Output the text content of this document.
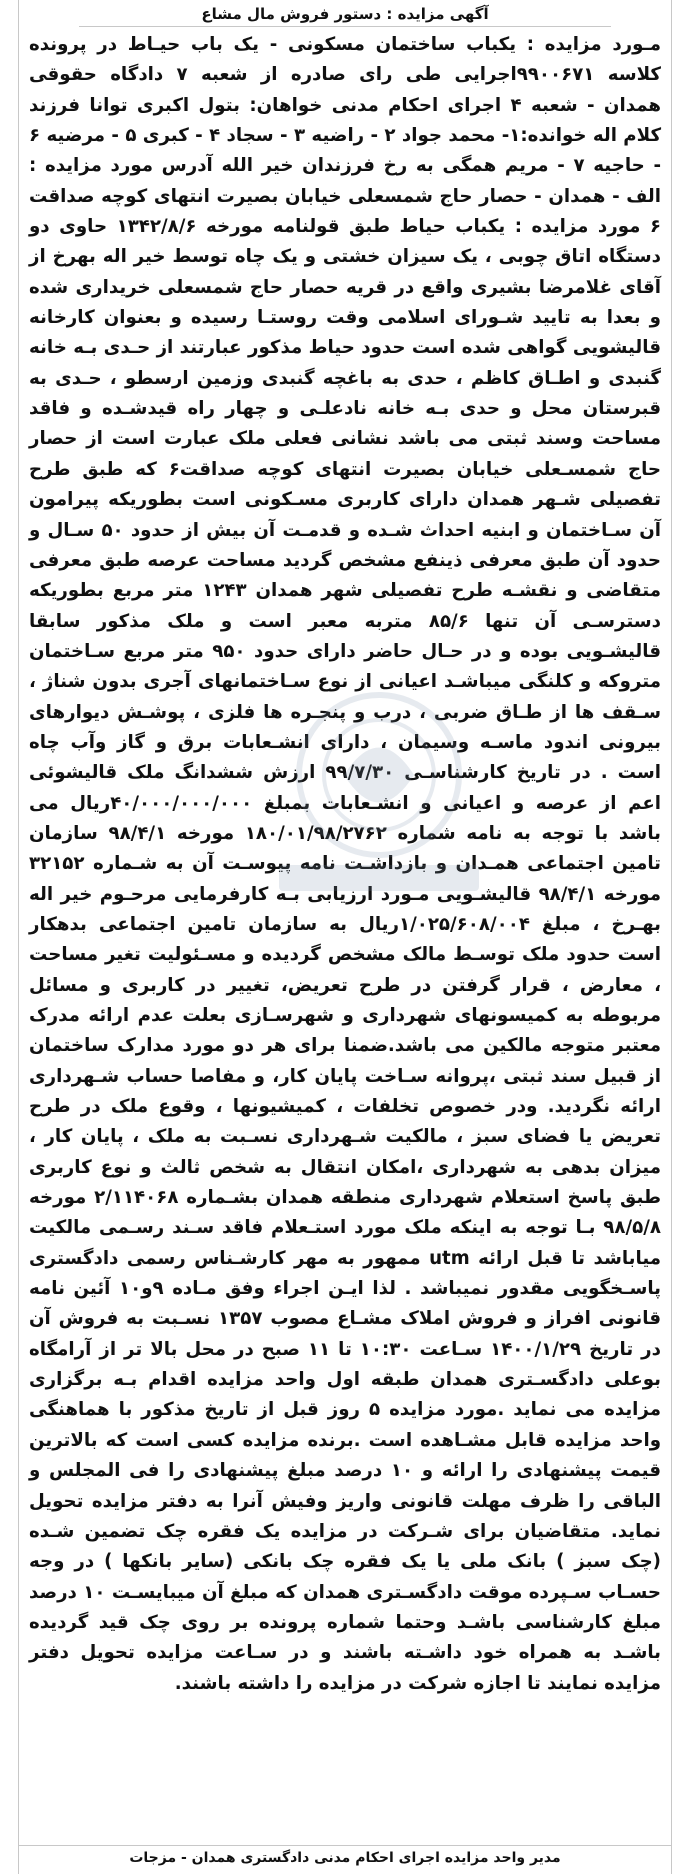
آگهی مزایده : دستور فروش مال مشاع
مـورد مزایده : یکباب ساختمان مسکونی - یک باب حیـاط در پرونده کلاسه ۹۹۰۰۶۷۱اجرایی طی رای صادره از شعبه ۷ دادگاه حقوقی همدان - شعبه ۴ اجرای احکام مدنی خواهان: بتول اکبری توانا فرزند کلام اله خوانده:۱- محمد جواد ۲ - راضیه ۳ - سجاد ۴ - کبری ۵ - مرضیه ۶ - حاجیه ۷ - مریم همگی به رخ فرزندان خیر الله آدرس مورد مزایده : الف - همدان - حصار حاج شمسعلی خیابان بصیرت انتهای کوچه صداقت ۶ مورد مزایده : یکباب حیاط طبق قولنامه مورخه ۱۳۴۲/۸/۶ حاوی دو دستگاه اتاق چوبی ، یک سیزان خشتی و یک چاه توسط خیر اله بهرخ از آقای غلامرضا بشیری واقع در قریه حصار حاج شمسعلی خریداری شده و بعدا به تایید شـورای اسلامی وقت روستـا رسیده و بعنوان کارخانه قالیشویی گواهی شده است حدود حیاط مذکور عبارتند از حـدی بـه خانه گنبدی و اطـاق کاظم ، حدی به باغچه گنبدی وزمین ارسطو ، حـدی به قبرستان محل و حدی بـه خانه نادعلـی و چهار راه قیدشـده و فاقد مساحت وسند ثبتی می باشد نشانی فعلی ملک عبارت است از حصار حاج شمسـعلی خیابان بصیرت انتهای کوچه صداقت۶ که طبق طرح تفصیلی شـهر همدان دارای کاربری مسـکونی است بطوریکه پیرامون آن سـاختمان و ابنیه احداث شـده و قدمـت آن بیش از حدود ۵۰ سـال و حدود آن طبق معرفی ذینفع مشخص گردید مساحت عرصه طبق معرفی متقاضی و نقشـه طرح تفصیلی شهر همدان ۱۲۴۳ متر مربع بطوریکه دسترسـی آن تنها ۸۵/۶ متربه معبر است و ملک مذکور سابقا قالیشـویی بوده و در حـال حاضر دارای حدود ۹۵۰ متر مربع سـاختمان متروکه و کلنگی میباشـد اعیانی از نوع سـاختمانهای آجری بدون شناژ ، سـقف ها از طـاق ضربی ، درب و پنجـره ها فلزی ، پوشـش دیوارهای بیرونی اندود ماسـه وسیمان ، دارای انشـعابات برق و گاز وآب چاه است . در تاریخ کارشناسـی ۹۹/۷/۳۰ ارزش ششدانگ ملک قالیشوئی اعم از عرصه و اعیانی و انشـعابات بمبلغ ۴۰/۰۰۰/۰۰۰/۰۰۰ریال می باشد با توجه به نامه شماره ۱۸۰/۰۱/۹۸/۲۷۶۲ مورخه ۹۸/۴/۱ سازمان تامین اجتماعی همـدان و بازداشـت نامه پیوسـت آن به شـماره ۳۲۱۵۲ مورخه ۹۸/۴/۱ قالیشـویی مـورد ارزیابی بـه کارفرمایی مرحـوم خیر اله بهـرخ ، مبلغ ۱/۰۲۵/۶۰۸/۰۰۴ریال به سازمان تامین اجتماعی بدهکار است حدود ملک توسـط مالک مشخص گردیده و مسـئولیت تغیر مساحت ، معارض ، قرار گرفتن در طرح تعریض، تغییر در کاربری و مسائل مربوطه به کمیسونهای شهرداری و شهرسـازی بعلت عدم ارائه مدرک معتبر متوجه مالکین می باشد.ضمنا برای هر دو مورد مدارک ساختمان از قبیل سند ثبتی ،پروانه سـاخت پایان کار، و مفاصا حساب شـهرداری ارائه نگردید. ودر خصوص تخلفات ، کمیشیونها ، وقوع ملک در طرح تعریض یا فضای سبز ، مالکیت شـهرداری نسـبت به ملک ، پایان کار ، میزان بدهی به شهرداری ،امکان انتقال به شخص ثالث و نوع کاربری طبق پاسخ استعلام شهرداری منطقه همدان بشـماره ۲/۱۱۴۰۶۸ مورخه ۹۸/۵/۸ بـا توجه به اینکه ملک مورد استـعلام فاقد سـند رسـمی مالکیت میاباشد تا قبل ارائه utm ممهور به مهر کارشـناس رسمی دادگستری پاسـخگویی مقدور نمیباشد . لذا ایـن اجراء وفق مـاده ۹و۱۰ آئین نامه قانونی افراز و فروش املاک مشـاع مصوب ۱۳۵۷ نسـبت به فروش آن در تاریخ ۱۴۰۰/۱/۲۹ سـاعت ۱۰:۳۰ تا ۱۱ صبح در محل بالا تر از آرامگاه بوعلی دادگسـتری همدان طبقه اول واحد مزایده اقدام بـه برگزاری مزایده می نماید .مورد مزایده ۵ روز قبل از تاریخ مذکور با هماهنگی واحد مزایده قابل مشـاهده است .برنده مزایده کسی است که بالاترین قیمت پیشنهادی را ارائه و ۱۰ درصد مبلغ پیشنهادی را فی المجلس و الباقی را ظرف مهلت قانونی واریز وفیش آنرا به دفتر مزایده تحویل نماید. متقاضیان برای شـرکت در مزایده یک فقره چک تضمین شـده (چک سبز ) بانک ملی یا یک فقره چک بانکی (سایر بانکها ) در وجه حسـاب سـپرده موقت دادگسـتری همدان که مبلغ آن میبایسـت ۱۰ درصد مبلغ کارشناسی باشـد وحتما شماره پرونده بر روی چک قید گردیده باشـد به همراه خود داشـته باشند و در سـاعت مزایده تحویل دفتر مزایده نمایند تا اجازه شرکت در مزایده را داشته باشند.
مدیر واحد مزایده اجرای احکام مدنی دادگستری همدان - مزجات
